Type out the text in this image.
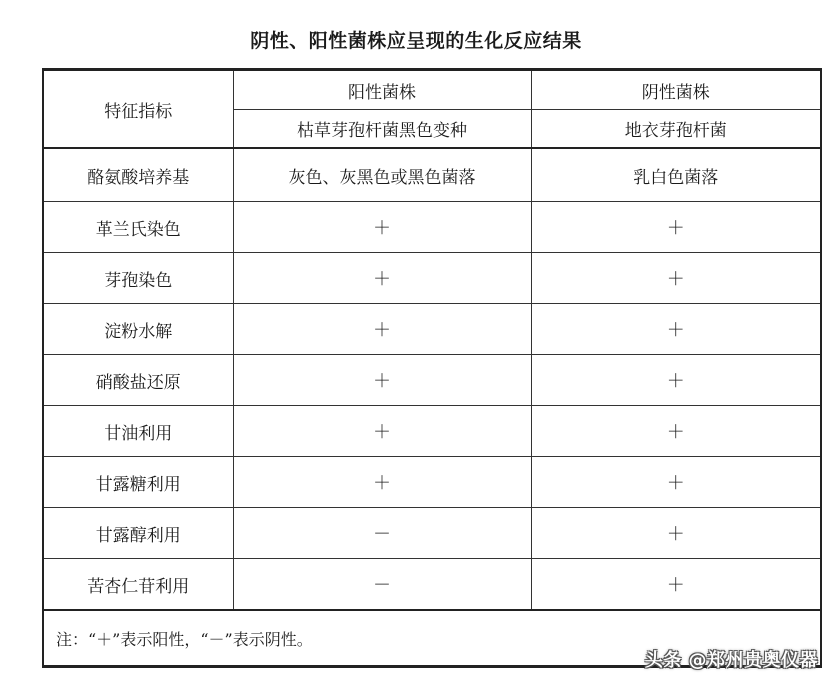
阴性、阳性菌株应呈现的生化反应结果
特征指标	阳性菌株	阴性菌株
	枯草芽孢杆菌黑色变种	地衣芽孢杆菌
酪氨酸培养基	灰色、灰黑色或黑色菌落	乳白色菌落
革兰氏染色	＋	＋
芽孢染色	＋	＋
淀粉水解	＋	＋
硝酸盐还原	＋	＋
甘油利用	＋	＋
甘露糖利用	＋	＋
甘露醇利用	－	＋
苦杏仁苷利用	－	＋
注：“＋”表示阳性，“－”表示阴性。		
头条 @郑州贵奥仪器
